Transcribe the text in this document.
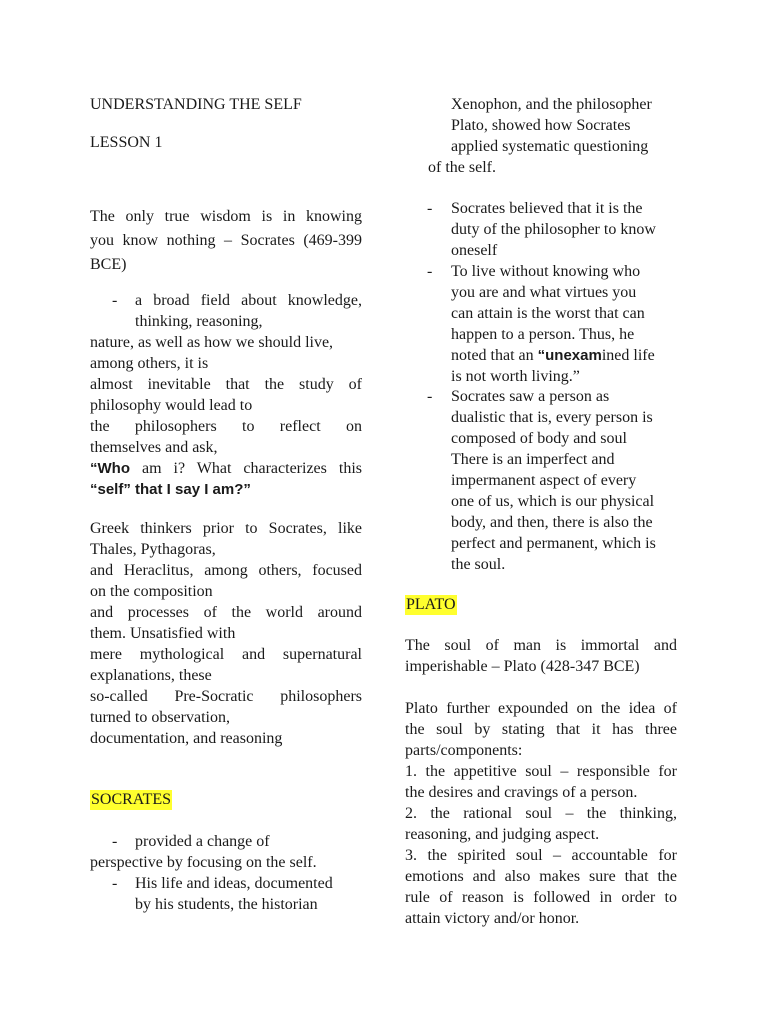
UNDERSTANDING THE SELF

LESSON 1

The only true wisdom is in knowing
you know nothing – Socrates (469-399
BCE)
- a broad field about knowledge,
thinking, reasoning,
nature, as well as how we should live,
among others, it is
almost inevitable that the study of
philosophy would lead to
the philosophers to reflect on
themselves and ask,
“Who am i? What characterizes this
“self” that I say I am?”
Greek thinkers prior to Socrates, like
Thales, Pythagoras,
and Heraclitus, among others, focused
on the composition
and processes of the world around
them. Unsatisfied with
mere mythological and supernatural
explanations, these
so-called Pre-Socratic philosophers
turned to observation,
documentation, and reasoning

SOCRATES

- provided a change of
perspective by focusing on the self.
- His life and ideas, documented
by his students, the historian
Xenophon, and the philosopher
Plato, showed how Socrates
applied systematic questioning
of the self.
- Socrates believed that it is the
duty of the philosopher to know
oneself
- To live without knowing who
you are and what virtues you
can attain is the worst that can
happen to a person. Thus, he
noted that an “unexamined life
is not worth living.”
- Socrates saw a person as
dualistic that is, every person is
composed of body and soul
There is an imperfect and
impermanent aspect of every
one of us, which is our physical
body, and then, there is also the
perfect and permanent, which is
the soul.

PLATO

The soul of man is immortal and
imperishable – Plato (428-347 BCE)
Plato further expounded on the idea of
the soul by stating that it has three
parts/components:
1. the appetitive soul – responsible for
the desires and cravings of a person.
2. the rational soul – the thinking,
reasoning, and judging aspect.
3. the spirited soul – accountable for
emotions and also makes sure that the
rule of reason is followed in order to
attain victory and/or honor.
